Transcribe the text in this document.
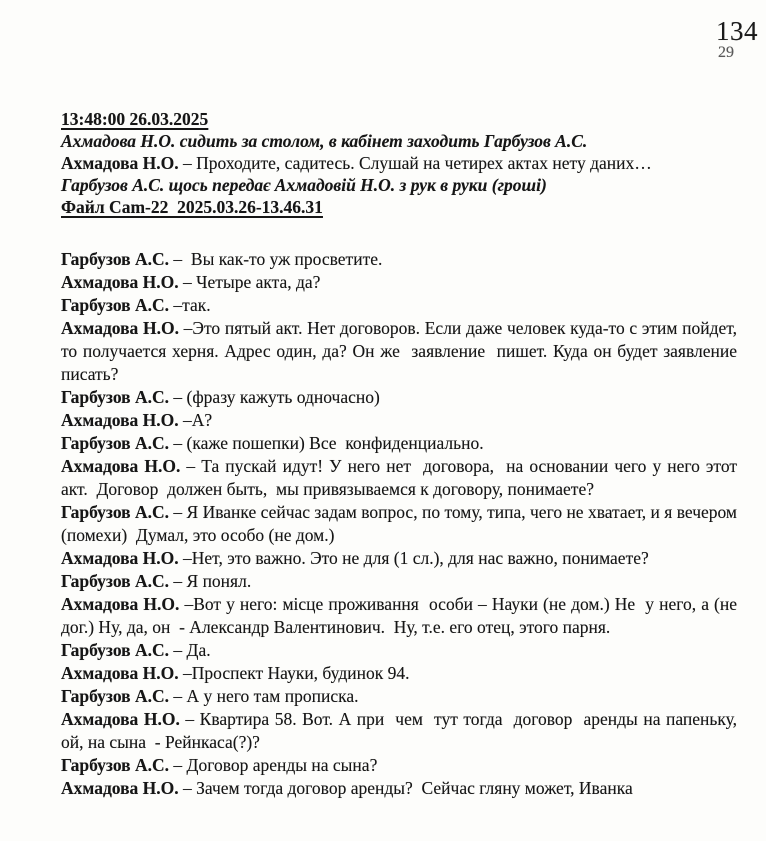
134
29
13:48:00 26.03.2025
Ахмадова Н.О. сидить за столом, в кабінет заходить Гарбузов А.С.
Ахмадова Н.О. – Проходите, садитесь. Слушай на четирех актах нету даних…
Гарбузов А.С. щось передає Ахмадовій Н.О. з рук в руки (гроші)
Файл Cam-22  2025.03.26-13.46.31

Гарбузов А.С. –  Вы как-то уж просветите.

Ахмадова Н.О. – Четыре акта, да?

Гарбузов А.С. –так.

Ахмадова Н.О. –Это пятый акт. Нет договоров. Если даже человек куда-то с этим пойдет, то получается херня. Адрес один, да? Он же  заявление  пишет. Куда он будет заявление писать?

Гарбузов А.С. – (фразу кажуть одночасно)

Ахмадова Н.О. –А?

Гарбузов А.С. – (каже пошепки) Все  конфиденциально.

Ахмадова Н.О. – Та пускай идут! У него нет  договора,  на основании чего у него этот акт.  Договор  должен быть,  мы привязываемся к договору, понимаете?

Гарбузов А.С. – Я Иванке сейчас задам вопрос, по тому, типа, чего не хватает, и я вечером (помехи)  Думал, это особо (не дом.)

Ахмадова Н.О. –Нет, это важно. Это не для (1 сл.), для нас важно, понимаете?

Гарбузов А.С. – Я понял.

Ахмадова Н.О. –Вот у него: місце проживання  особи – Науки (не дом.) Не  у него, а (не дог.) Ну, да, он  - Александр Валентинович.  Ну, т.е. его отец, этого парня.

Гарбузов А.С. – Да.

Ахмадова Н.О. –Проспект Науки, будинок 94.

Гарбузов А.С. – А у него там прописка.

Ахмадова Н.О. – Квартира 58. Вот. А при  чем  тут тогда  договор  аренды на папеньку, ой, на сына  - Рейнкаса(?)?

Гарбузов А.С. – Договор аренды на сына?

Ахмадова Н.О. – Зачем тогда договор аренды?  Сейчас гляну может, Иванка
